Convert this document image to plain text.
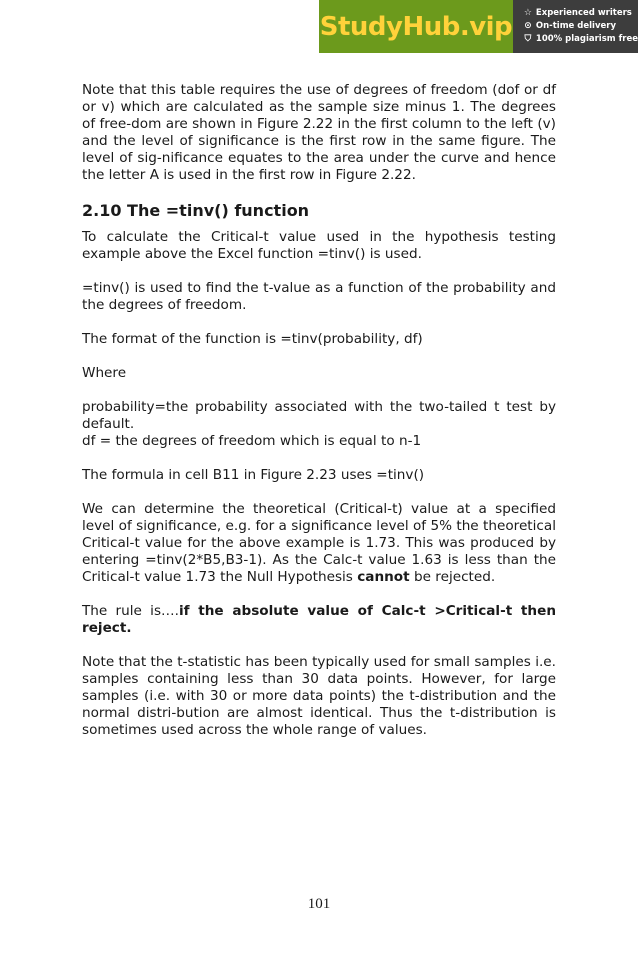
StudyHub.vip ☆ Experienced writers
⊙ On-time delivery
⛉ 100% plagiarism free

Note that this table requires the use of degrees of freedom (dof or df or v) which are calculated as the sample size minus 1. The degrees of free-dom are shown in Figure 2.22 in the first column to the left (v) and the level of significance is the first row in the same figure. The level of sig-nificance equates to the area under the curve and hence the letter A is used in the first row in Figure 2.22.

2.10 The =tinv() function

To calculate the Critical-t value used in the hypothesis testing example above the Excel function =tinv() is used.

=tinv() is used to find the t-value as a function of the probability and the degrees of freedom.

The format of the function is =tinv(probability, df)

Where

probability=the probability associated with the two-tailed t test by default.

df = the degrees of freedom which is equal to n-1

The formula in cell B11 in Figure 2.23 uses =tinv()

We can determine the theoretical (Critical-t) value at a specified level of significance, e.g. for a significance level of 5% the theoretical Critical-t value for the above example is 1.73. This was produced by entering =tinv(2*B5,B3-1). As the Calc-t value 1.63 is less than the Critical-t value 1.73 the Null Hypothesis cannot be rejected.

The rule is….if the absolute value of Calc-t >Critical-t then reject.

Note that the t-statistic has been typically used for small samples i.e. samples containing less than 30 data points. However, for large samples (i.e. with 30 or more data points) the t-distribution and the normal distri-bution are almost identical. Thus the t-distribution is sometimes used across the whole range of values.

101
